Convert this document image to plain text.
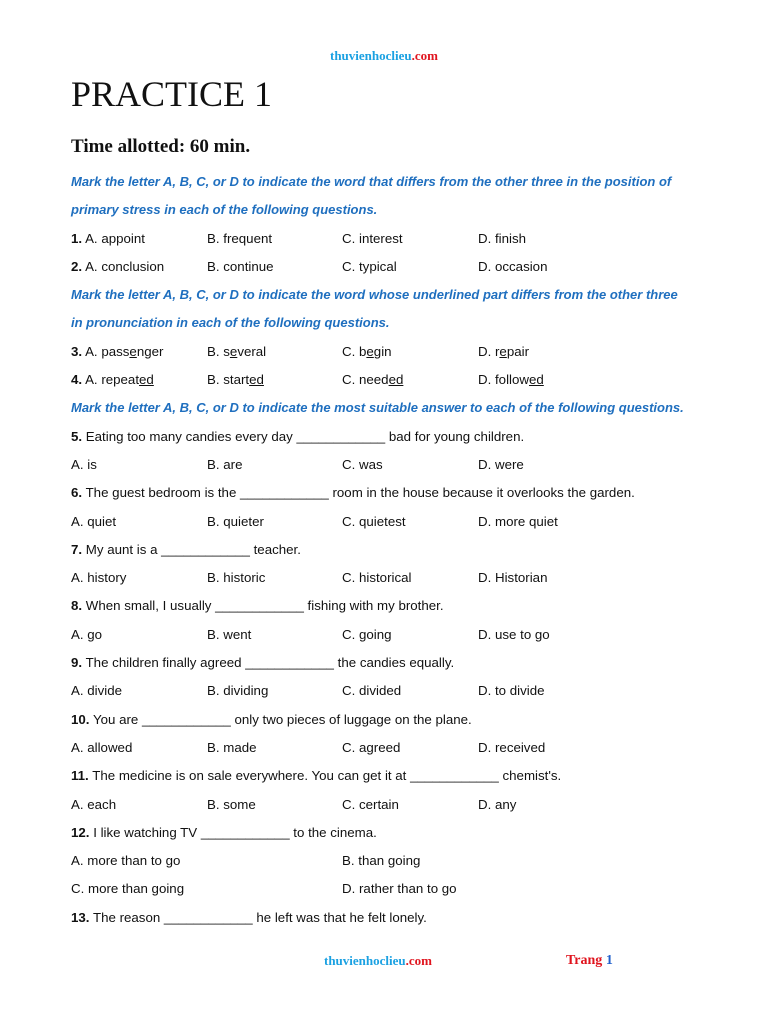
thuvienhoclieu.com
PRACTICE 1
Time allotted: 60 min.
Mark the letter A, B, C, or D to indicate the word that differs from the other three in the position of
primary stress in each of the following questions.
1. A. appoint	B. frequent	C. interest	D. finish
2. A. conclusion	B. continue	C. typical	D. occasion
Mark the letter A, B, C, or D to indicate the word whose underlined part differs from the other three
in pronunciation in each of the following questions.
3. A. passenger	B. several	C. begin	D. repair
4. A. repeated	B. started	C. needed	D. followed
Mark the letter A, B, C, or D to indicate the most suitable answer to each of the following questions.
5. Eating too many candies every day ____________ bad for young children.
A. is	B. are	C. was	D. were
6. The guest bedroom is the ____________ room in the house because it overlooks the garden.
A. quiet	B. quieter	C. quietest	D. more quiet
7. My aunt is a ____________ teacher.
A. history	B. historic	C. historical	D. Historian
8. When small, I usually ____________ fishing with my brother.
A. go	B. went	C. going	D. use to go
9. The children finally agreed ____________ the candies equally.
A. divide	B. dividing	C. divided	D. to divide
10. You are ____________ only two pieces of luggage on the plane.
A. allowed	B. made	C. agreed	D. received
11. The medicine is on sale everywhere. You can get it at ____________ chemist's.
A. each	B. some	C. certain	D. any
12. I like watching TV ____________ to the cinema.
A. more than to go	B. than going
C. more than going	D. rather than to go
13. The reason ____________ he left was that he felt lonely.
thuvienhoclieu.com	Trang 1
